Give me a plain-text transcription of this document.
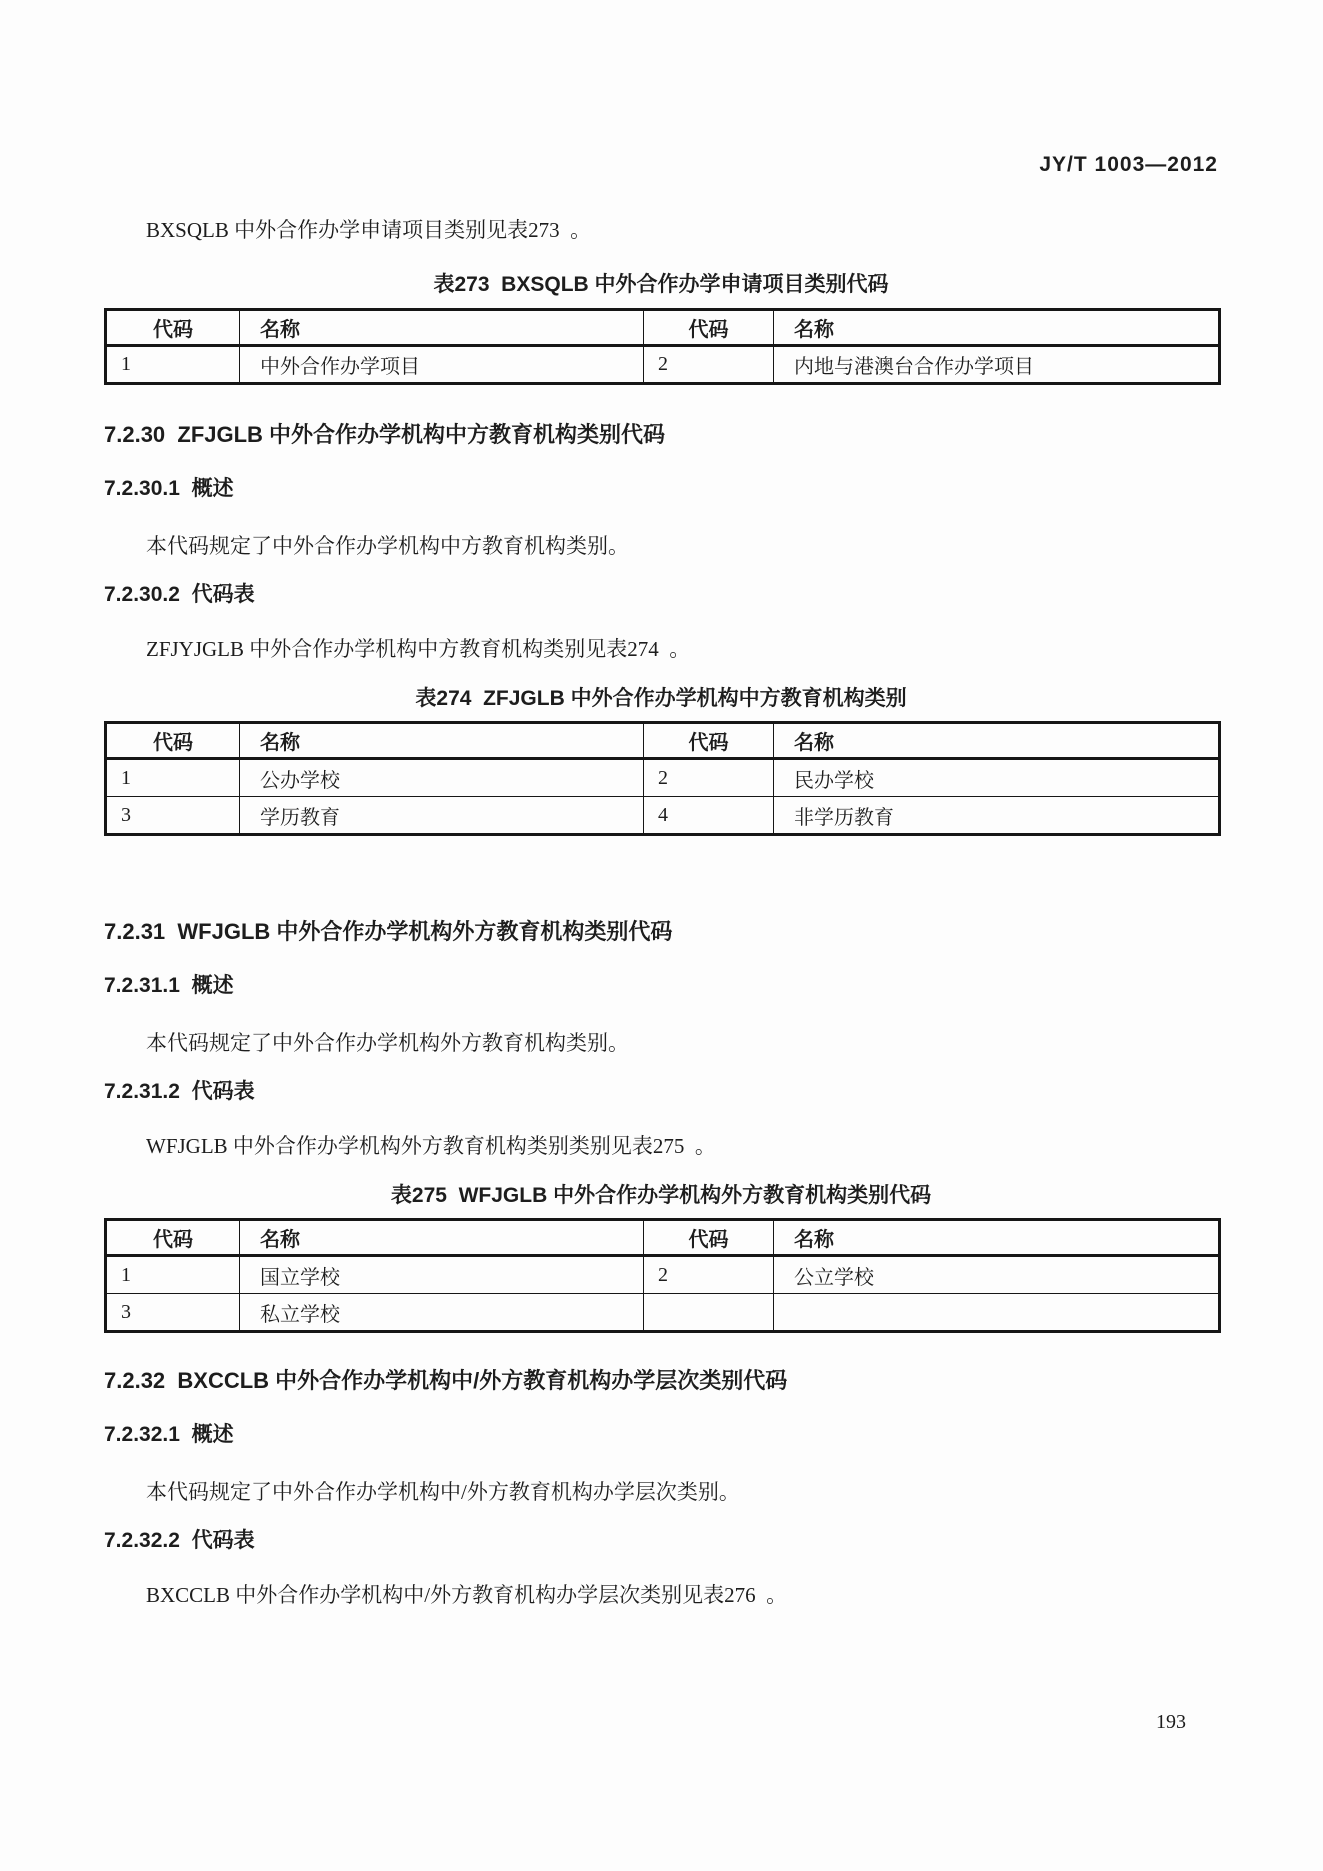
JY/T 1003—2012
BXSQLB 中外合作办学申请项目类别见表273  。
表273  BXSQLB 中外合作办学申请项目类别代码
代码	名称	代码	名称
1	中外合作办学项目	2	内地与港澳台合作办学项目
7.2.30  ZFJGLB 中外合作办学机构中方教育机构类别代码
7.2.30.1  概述
本代码规定了中外合作办学机构中方教育机构类别。
7.2.30.2  代码表
ZFJYJGLB 中外合作办学机构中方教育机构类别见表274  。
表274  ZFJGLB 中外合作办学机构中方教育机构类别
代码	名称	代码	名称
1	公办学校	2	民办学校
3	学历教育	4	非学历教育
7.2.31  WFJGLB 中外合作办学机构外方教育机构类别代码
7.2.31.1  概述
本代码规定了中外合作办学机构外方教育机构类别。
7.2.31.2  代码表
WFJGLB 中外合作办学机构外方教育机构类别类别见表275  。
表275  WFJGLB 中外合作办学机构外方教育机构类别代码
代码	名称	代码	名称
1	国立学校	2	公立学校
3	私立学校		
7.2.32  BXCCLB 中外合作办学机构中/外方教育机构办学层次类别代码
7.2.32.1  概述
本代码规定了中外合作办学机构中/外方教育机构办学层次类别。
7.2.32.2  代码表
BXCCLB 中外合作办学机构中/外方教育机构办学层次类别见表276  。
193
